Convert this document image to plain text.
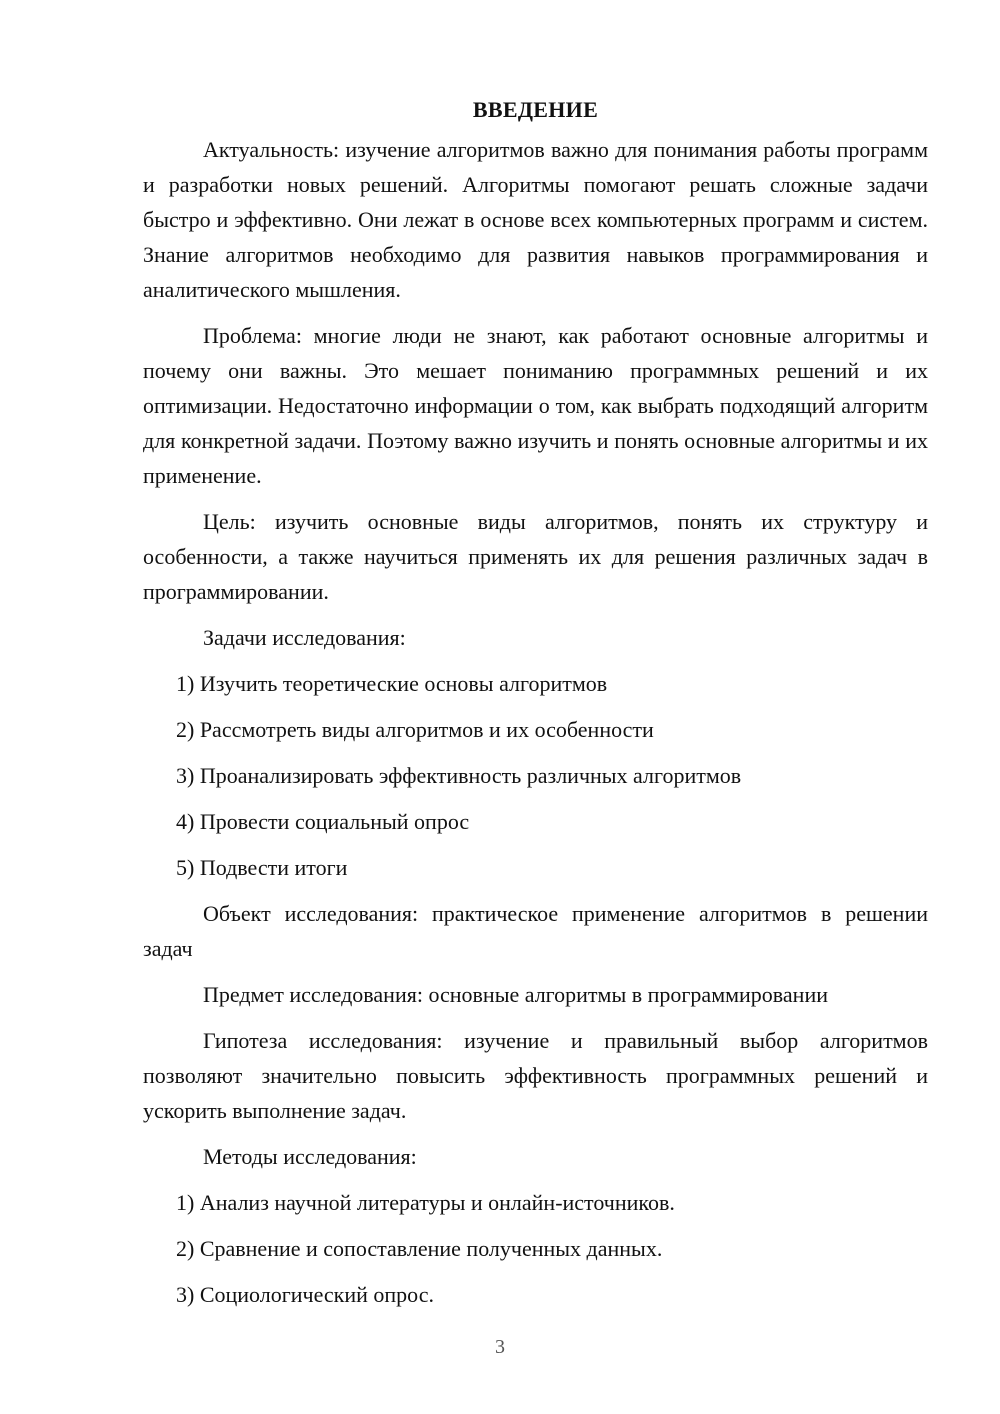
ВВЕДЕНИЕ

Актуальность: изучение алгоритмов важно для понимания работы программ и разработки новых решений. Алгоритмы помогают решать сложные задачи быстро и эффективно. Они лежат в основе всех компьютерных программ и систем. Знание алгоритмов необходимо для развития навыков программирования и аналитического мышления.

Проблема: многие люди не знают, как работают основные алгоритмы и почему они важны. Это мешает пониманию программных решений и их оптимизации. Недостаточно информации о том, как выбрать подходящий алгоритм для конкретной задачи. Поэтому важно изучить и понять основные алгоритмы и их применение.

Цель: изучить основные виды алгоритмов, понять их структуру и особенности, а также научиться применять их для решения различных задач в программировании.

Задачи исследования:

1) Изучить теоретические основы алгоритмов
2) Рассмотреть виды алгоритмов и их особенности
3) Проанализировать эффективность различных алгоритмов
4) Провести социальный опрос
5) Подвести итоги

Объект исследования: практическое применение алгоритмов в решении задач

Предмет исследования: основные алгоритмы в программировании

Гипотеза исследования: изучение и правильный выбор алгоритмов позволяют значительно повысить эффективность программных решений и ускорить выполнение задач.

Методы исследования:

1) Анализ научной литературы и онлайн-источников.
2) Сравнение и сопоставление полученных данных.
3) Социологический опрос.
3
